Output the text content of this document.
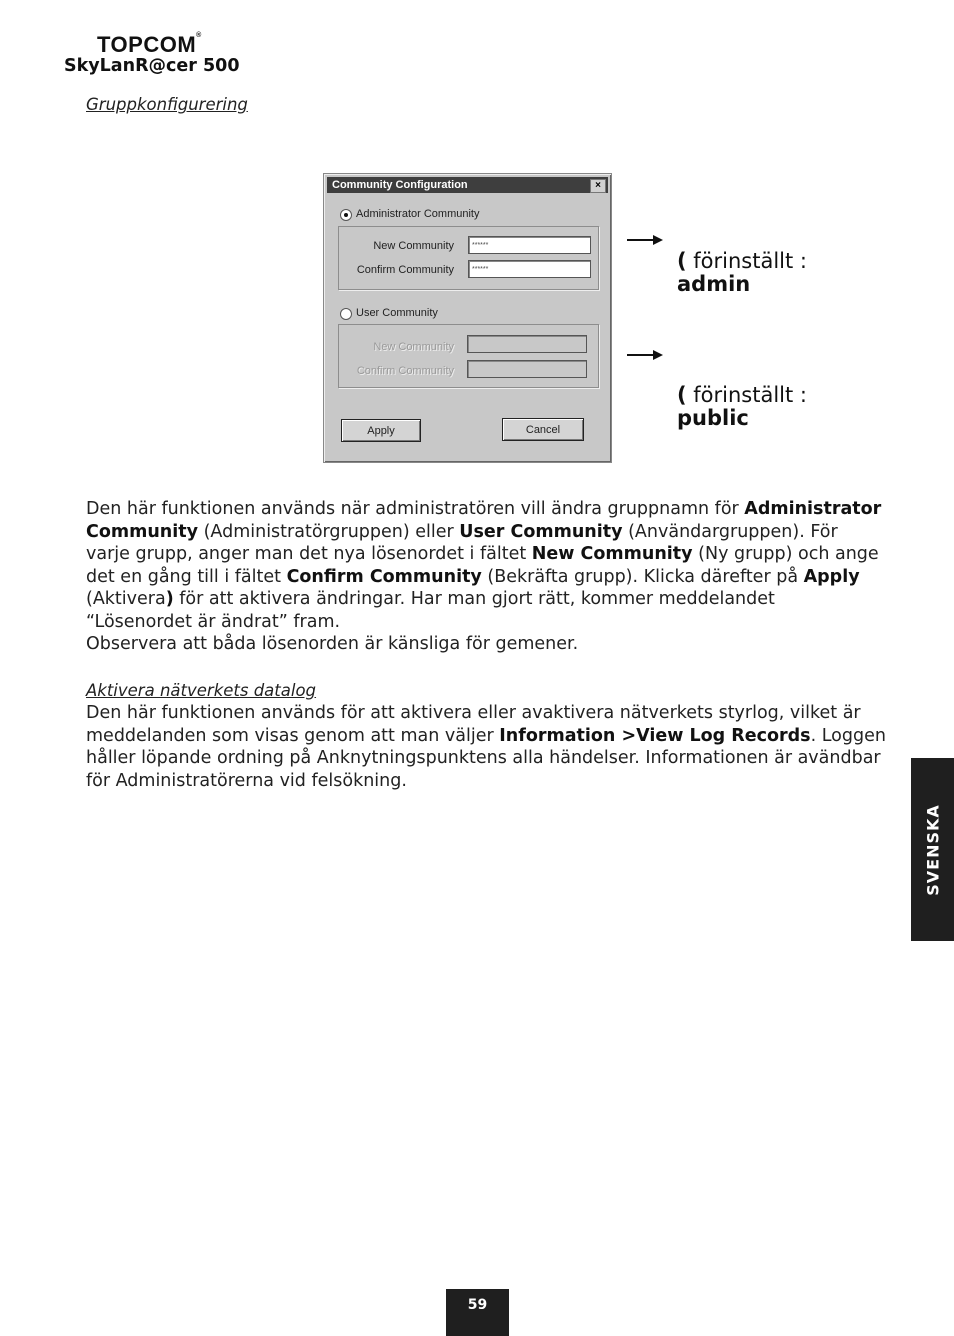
TOPCOM®
SkyLanR@cer 500
Gruppkonfigurering
Community Configuration	×
Administrator Community
New Community	******
Confirm Community	******
User Community
New Community
Confirm Community
Apply	Cancel
( förinställt :
admin
( förinställt :
public

Den här funktionen används när administratören vill ändra gruppnamn för Administrator Community (Administratörgruppen) eller User Community (Användargruppen). För varje grupp, anger man det nya lösenordet i fältet New Community (Ny grupp) och ange det en gång till i fältet Confirm Community (Bekräfta grupp). Klicka därefter på Apply (Aktivera) för att aktivera ändringar. Har man gjort rätt, kommer meddelandet “Lösenordet är ändrat” fram.
Observera att båda lösenorden är känsliga för gemener.

Aktivera nätverkets datalog

Den här funktionen används för att aktivera eller avaktivera nätverkets styrlog, vilket är meddelanden som visas genom att man väljer Information >View Log Records. Loggen håller löpande ordning på Anknytningspunktens alla händelser. Informationen är avändbar för Administratörerna vid felsökning.

SVENSKA
59
